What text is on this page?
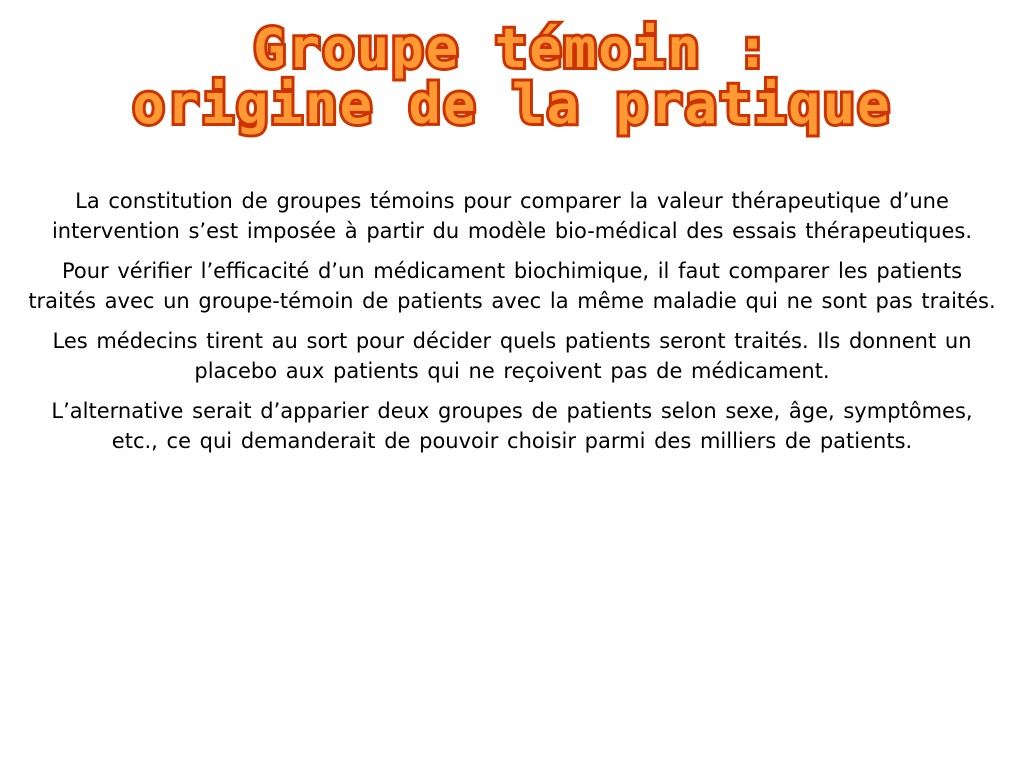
Groupe témoin :
origine de la pratique

La constitution de groupes témoins pour comparer la valeur thérapeutique d’une intervention s’est imposée à partir du modèle bio-médical des essais thérapeutiques.

Pour vérifier l’efficacité d’un médicament biochimique, il faut comparer les patients traités avec un groupe-témoin de patients avec la même maladie qui ne sont pas traités.

Les médecins tirent au sort pour décider quels patients seront traités. Ils donnent un placebo aux patients qui ne reçoivent pas de médicament.

L’alternative serait d’apparier deux groupes de patients selon sexe, âge, symptômes, etc., ce qui demanderait de pouvoir choisir parmi des milliers de patients.
